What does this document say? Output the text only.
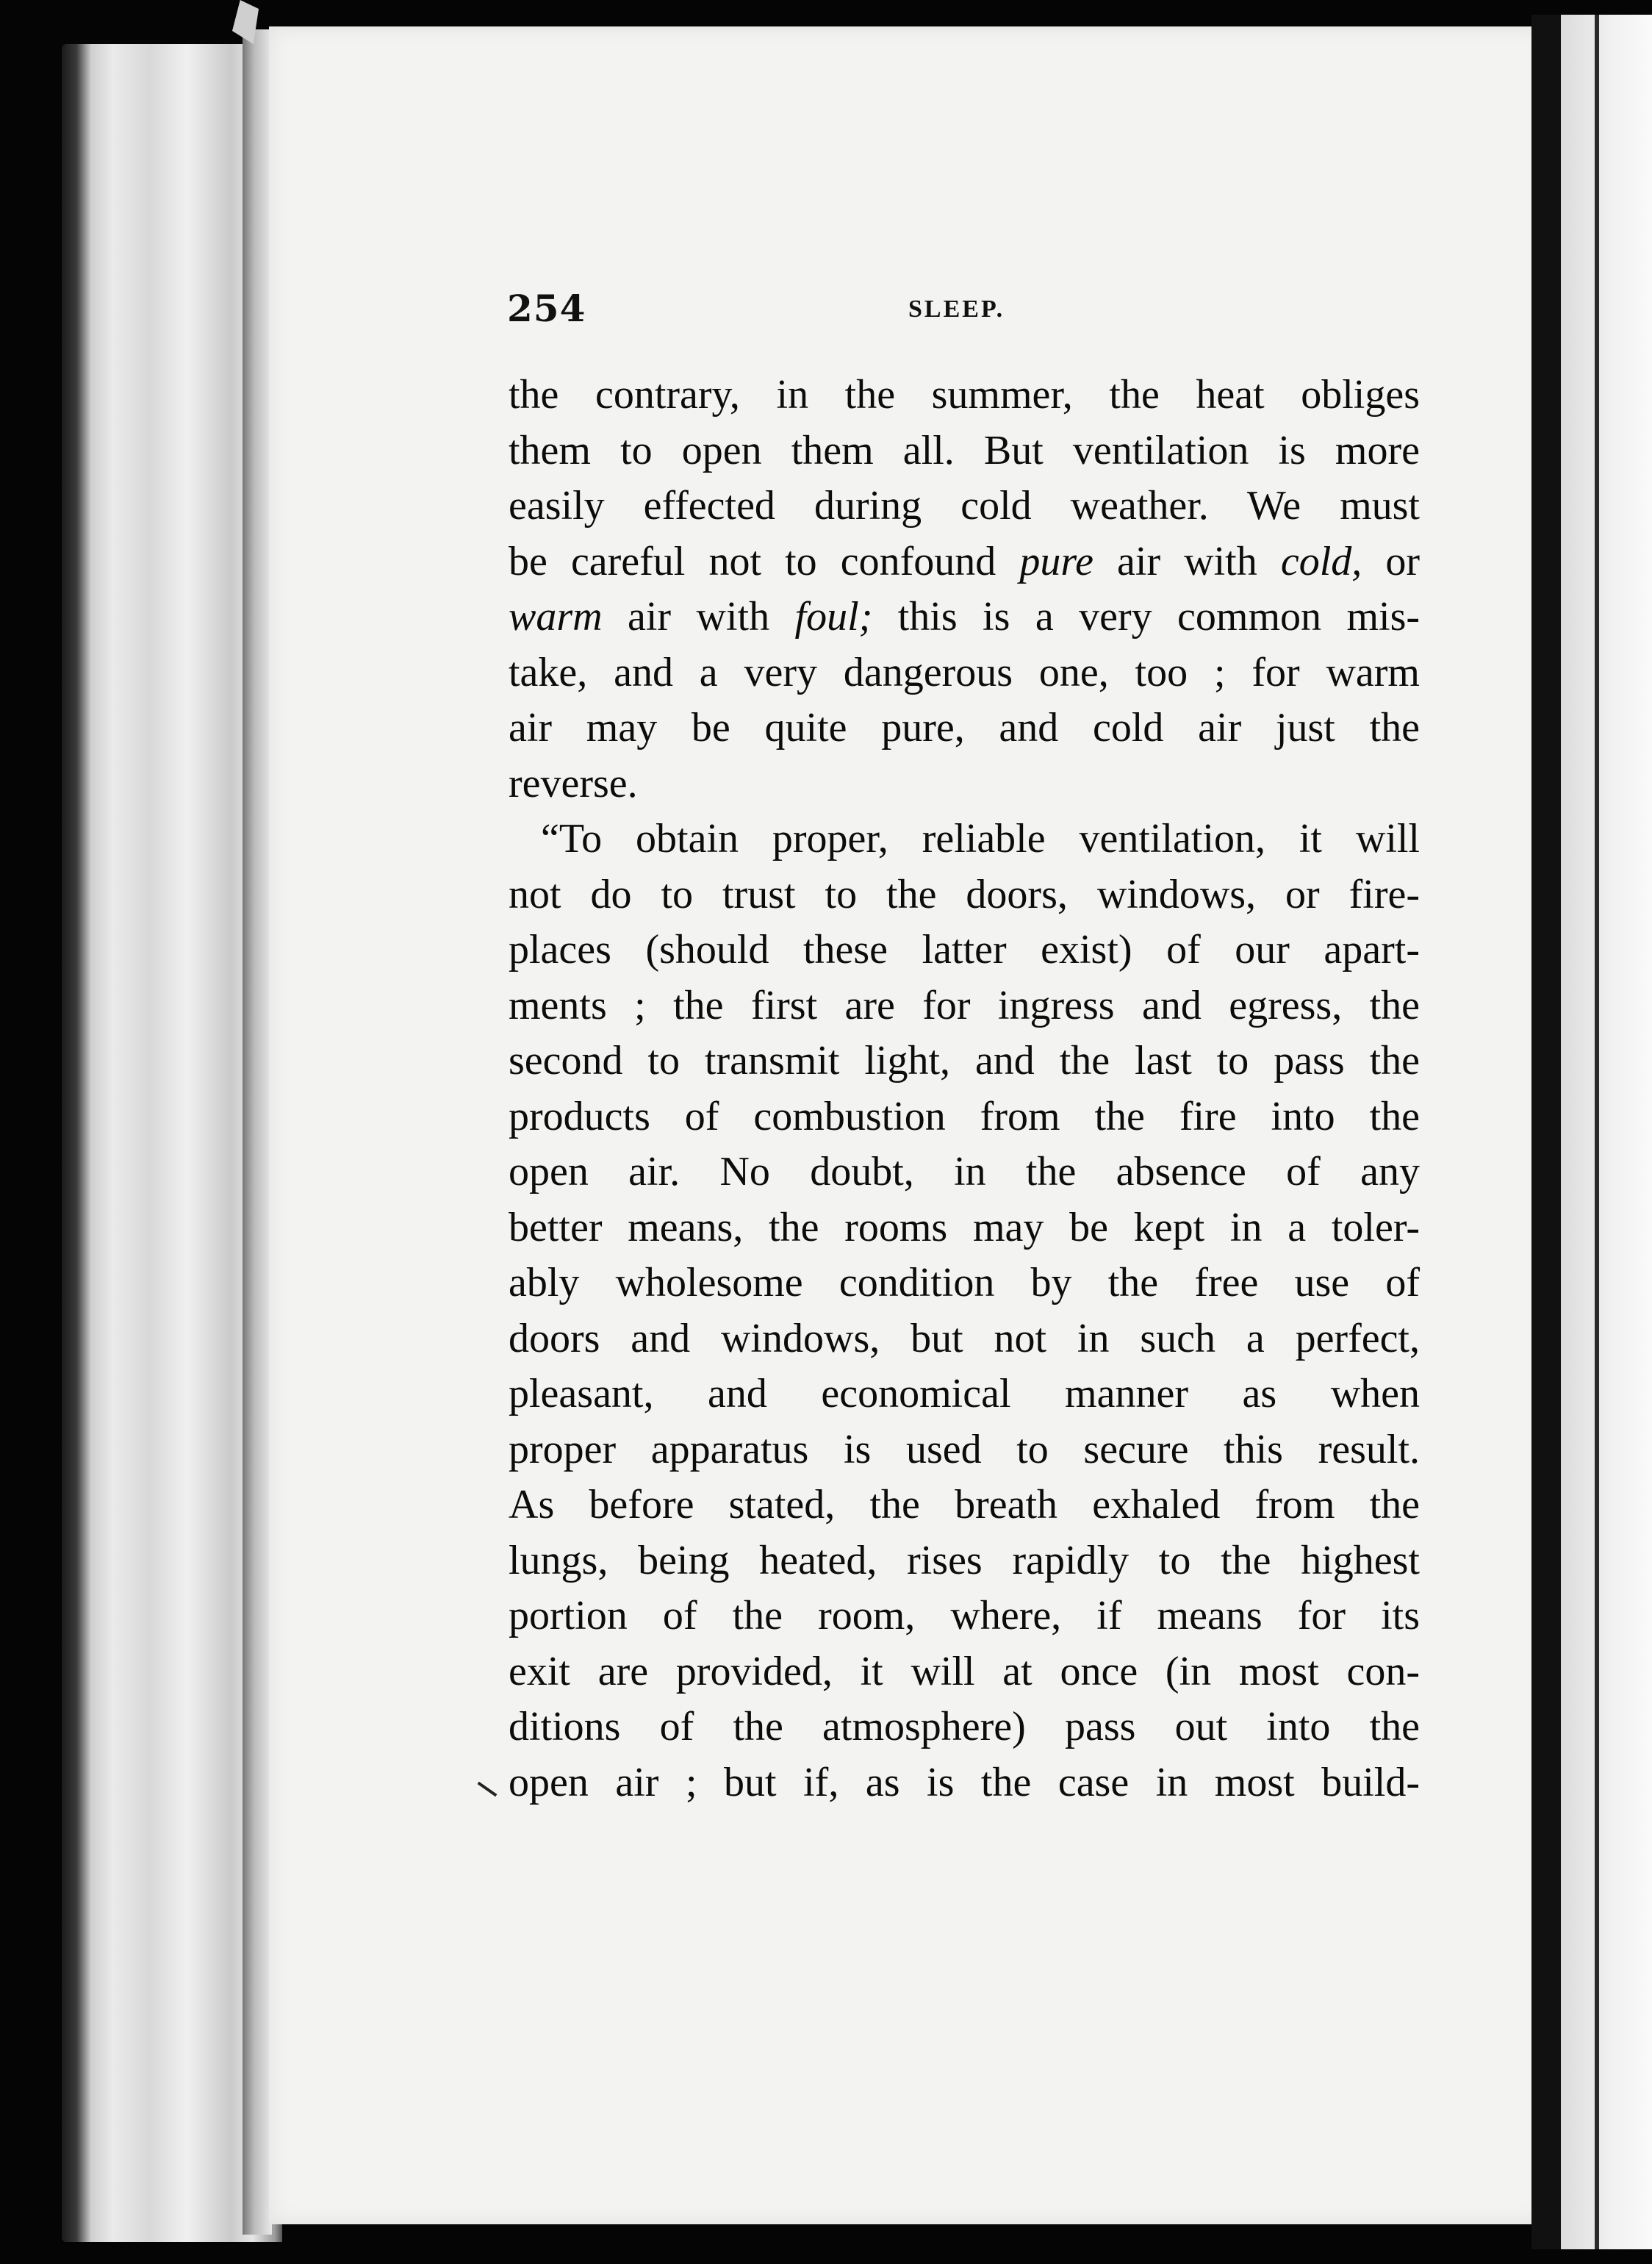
254	SLEEP.
the contrary, in the summer, the heat obliges
them to open them all. But ventilation is more
easily effected during cold weather. We must
be careful not to confound pure air with cold, or
warm air with foul; this is a very common mis-
take, and a very dangerous one, too ; for warm
air may be quite pure, and cold air just the
reverse.
“To obtain proper, reliable ventilation, it will
not do to trust to the doors, windows, or fire-
places (should these latter exist) of our apart-
ments ; the first are for ingress and egress, the
second to transmit light, and the last to pass the
products of combustion from the fire into the
open air. No doubt, in the absence of any
better means, the rooms may be kept in a toler-
ably wholesome condition by the free use of
doors and windows, but not in such a perfect,
pleasant, and economical manner as when
proper apparatus is used to secure this result.
As before stated, the breath exhaled from the
lungs, being heated, rises rapidly to the highest
portion of the room, where, if means for its
exit are provided, it will at once (in most con-
ditions of the atmosphere) pass out into the
open air ; but if, as is the case in most build-
